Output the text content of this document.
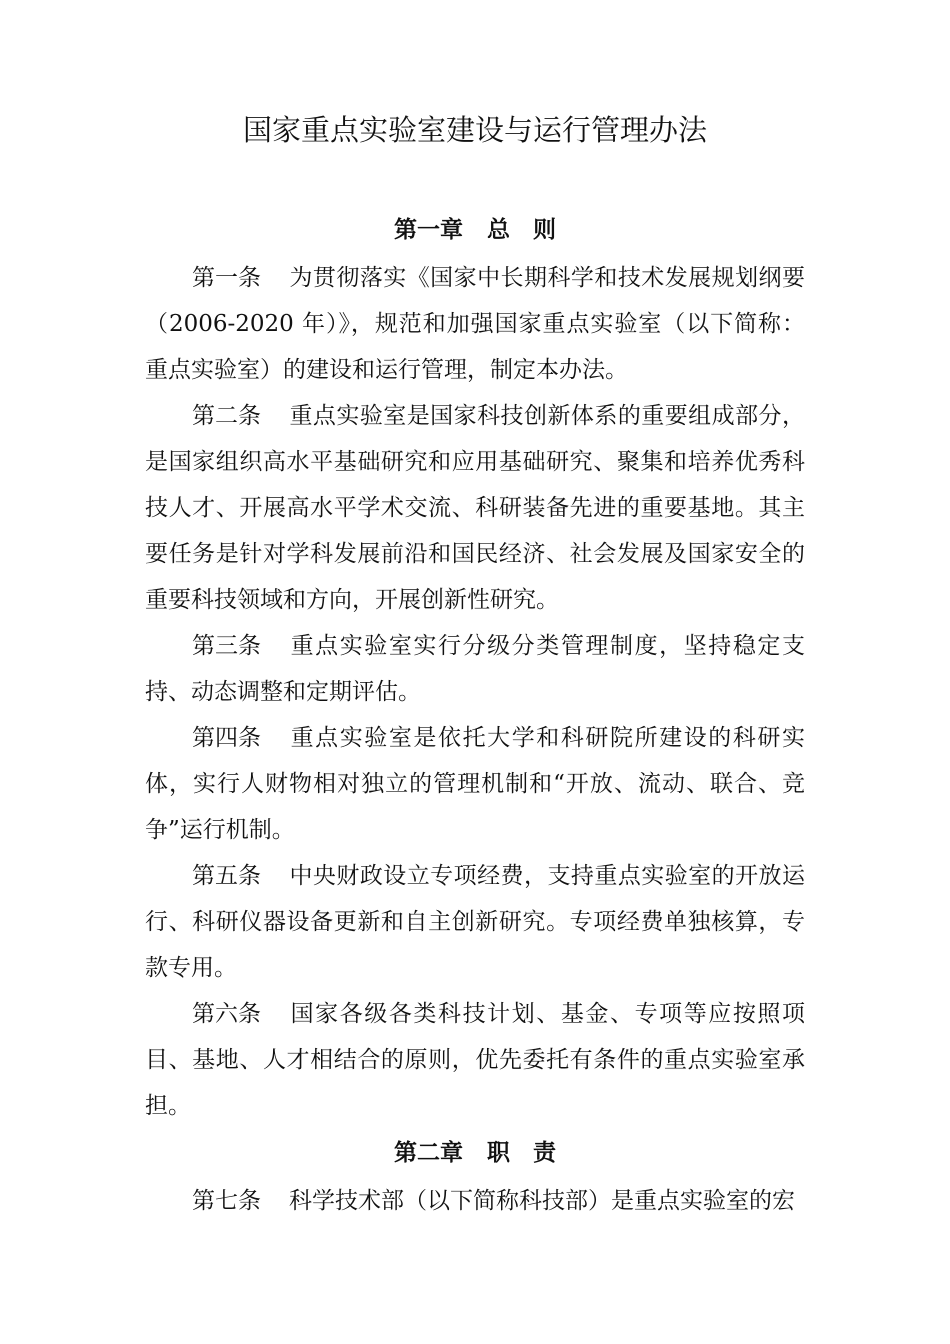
国家重点实验室建设与运行管理办法
第一章 总　则

第一条 为贯彻落实《国家中长期科学和技术发展规划纲要（2006-2020 年）》，规范和加强国家重点实验室（以下简称：重点实验室）的建设和运行管理，制定本办法。

第二条 重点实验室是国家科技创新体系的重要组成部分，是国家组织高水平基础研究和应用基础研究、聚集和培养优秀科技人才、开展高水平学术交流、科研装备先进的重要基地。其主要任务是针对学科发展前沿和国民经济、社会发展及国家安全的重要科技领域和方向，开展创新性研究。

第三条 重点实验室实行分级分类管理制度，坚持稳定支持、动态调整和定期评估。

第四条 重点实验室是依托大学和科研院所建设的科研实体，实行人财物相对独立的管理机制和“开放、流动、联合、竞争”运行机制。

第五条 中央财政设立专项经费，支持重点实验室的开放运行、科研仪器设备更新和自主创新研究。专项经费单独核算，专款专用。

第六条 国家各级各类科技计划、基金、专项等应按照项目、基地、人才相结合的原则，优先委托有条件的重点实验室承担。

第二章 职　责

第七条 科学技术部（以下简称科技部）是重点实验室的宏
